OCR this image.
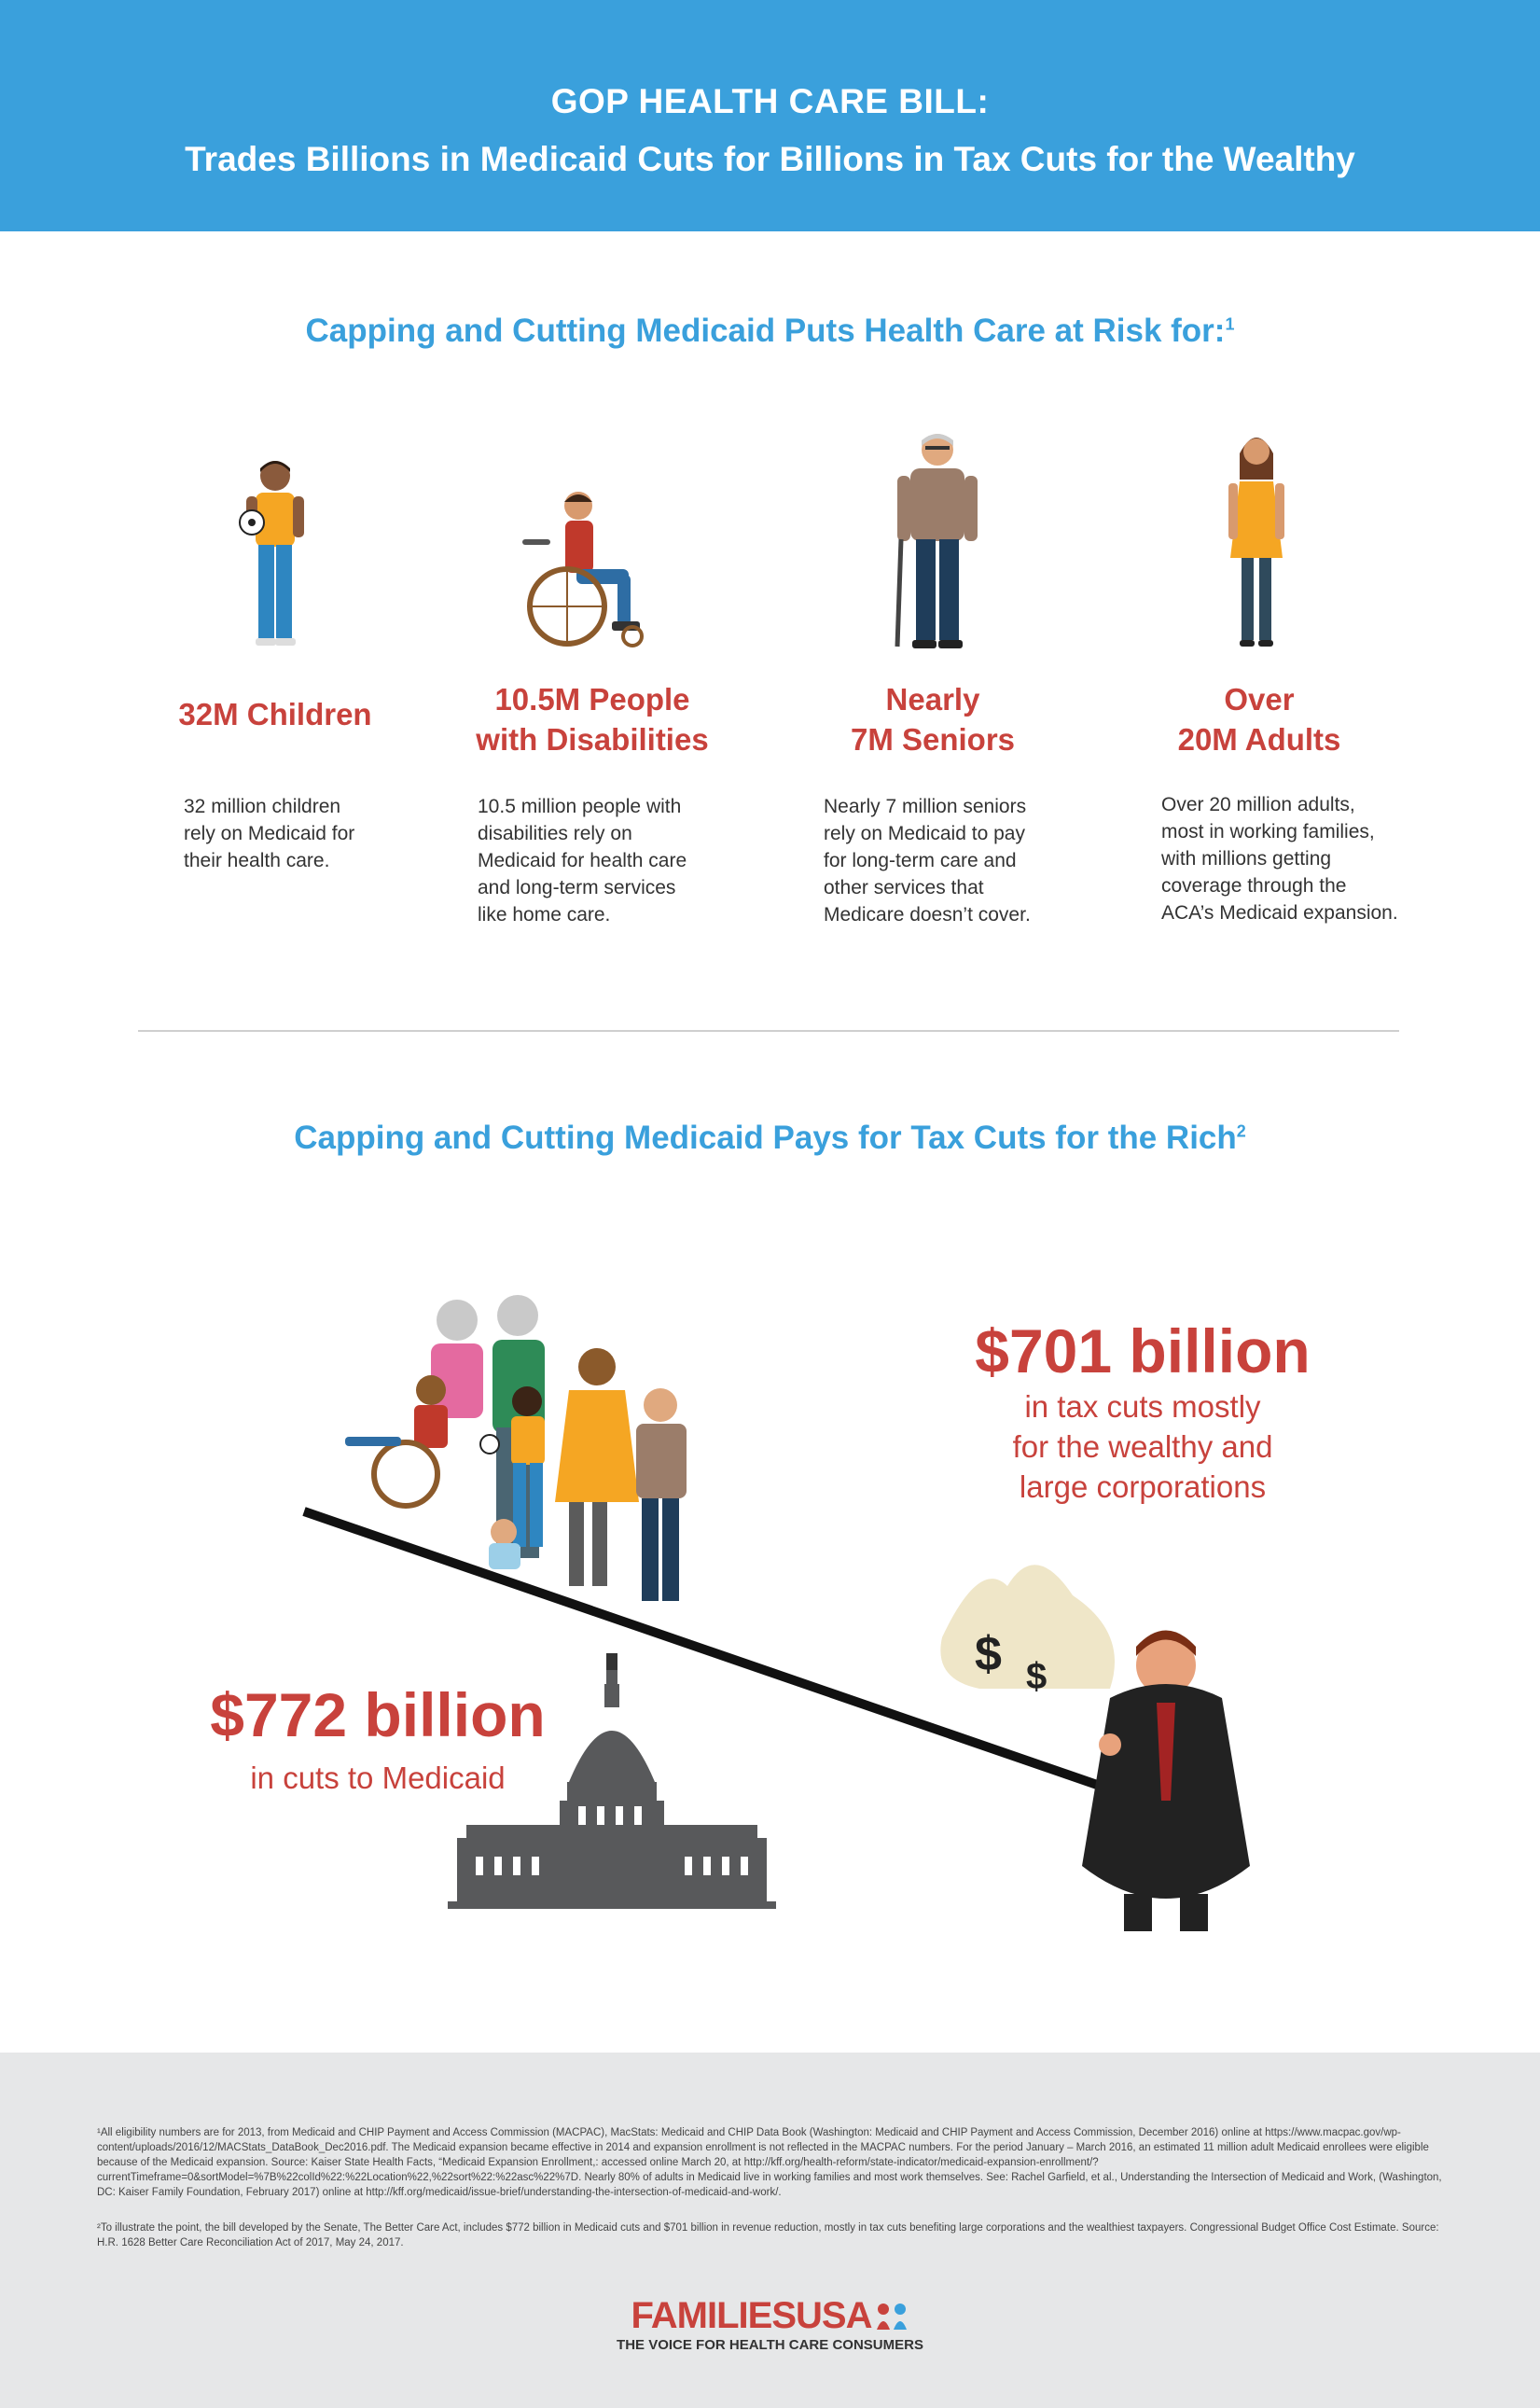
GOP HEALTH CARE BILL:
Trades Billions in Medicaid Cuts for Billions in Tax Cuts for the Wealthy
Capping and Cutting Medicaid Puts Health Care at Risk for:$^1$
32M Children	10.5M People
with Disabilities
Nearly
7M Seniors
Over
20M Adults
32 million children
rely on Medicaid for
their health care.
10.5 million people with
disabilities rely on
Medicaid for health care
and long-term services
like home care.
Nearly 7 million seniors
rely on Medicaid to pay
for long-term care and
other services that
Medicare doesn’t cover.
Over 20 million adults,
most in working families,
with millions getting
coverage through the
ACA’s Medicaid expansion.
Capping and Cutting Medicaid Pays for Tax Cuts for the Rich$^2$
$ $
$701 billion
in tax cuts mostly
for the wealthy and
large corporations
$772 billion
in cuts to Medicaid
¹All eligibility numbers are for 2013, from Medicaid and CHIP Payment and Access Commission (MACPAC), MacStats: Medicaid and CHIP Data Book (Washington: Medicaid and CHIP Payment and Access Commission, December 2016) online at https://www.macpac.gov/wp-content/uploads/2016/12/MACStats_DataBook_Dec2016.pdf. The Medicaid expansion became effective in 2014 and expansion enrollment is not reflected in the MACPAC numbers. For the period January – March 2016, an estimated 11 million adult Medicaid enrollees were eligible because of the Medicaid expansion. Source: Kaiser State Health Facts, “Medicaid Expansion Enrollment,: accessed online March 20, at http://kff.org/health-reform/state-indicator/medicaid-expansion-enrollment/?currentTimeframe=0&sortModel=%7B%22colId%22:%22Location%22,%22sort%22:%22asc%22%7D. Nearly 80% of adults in Medicaid live in working families and most work themselves. See: Rachel Garfield, et al., Understanding the Intersection of Medicaid and Work, (Washington, DC: Kaiser Family Foundation, February 2017) online at http://kff.org/medicaid/issue-brief/understanding-the-intersection-of-medicaid-and-work/.
²To illustrate the point, the bill developed by the Senate, The Better Care Act, includes $772 billion in Medicaid cuts and $701 billion in revenue reduction, mostly in tax cuts benefiting large corporations and the wealthiest taxpayers. Congressional Budget Office Cost Estimate. Source: H.R. 1628 Better Care Reconciliation Act of 2017, May 24, 2017.
FAMILIESUSA
THE VOICE FOR HEALTH CARE CONSUMERS
